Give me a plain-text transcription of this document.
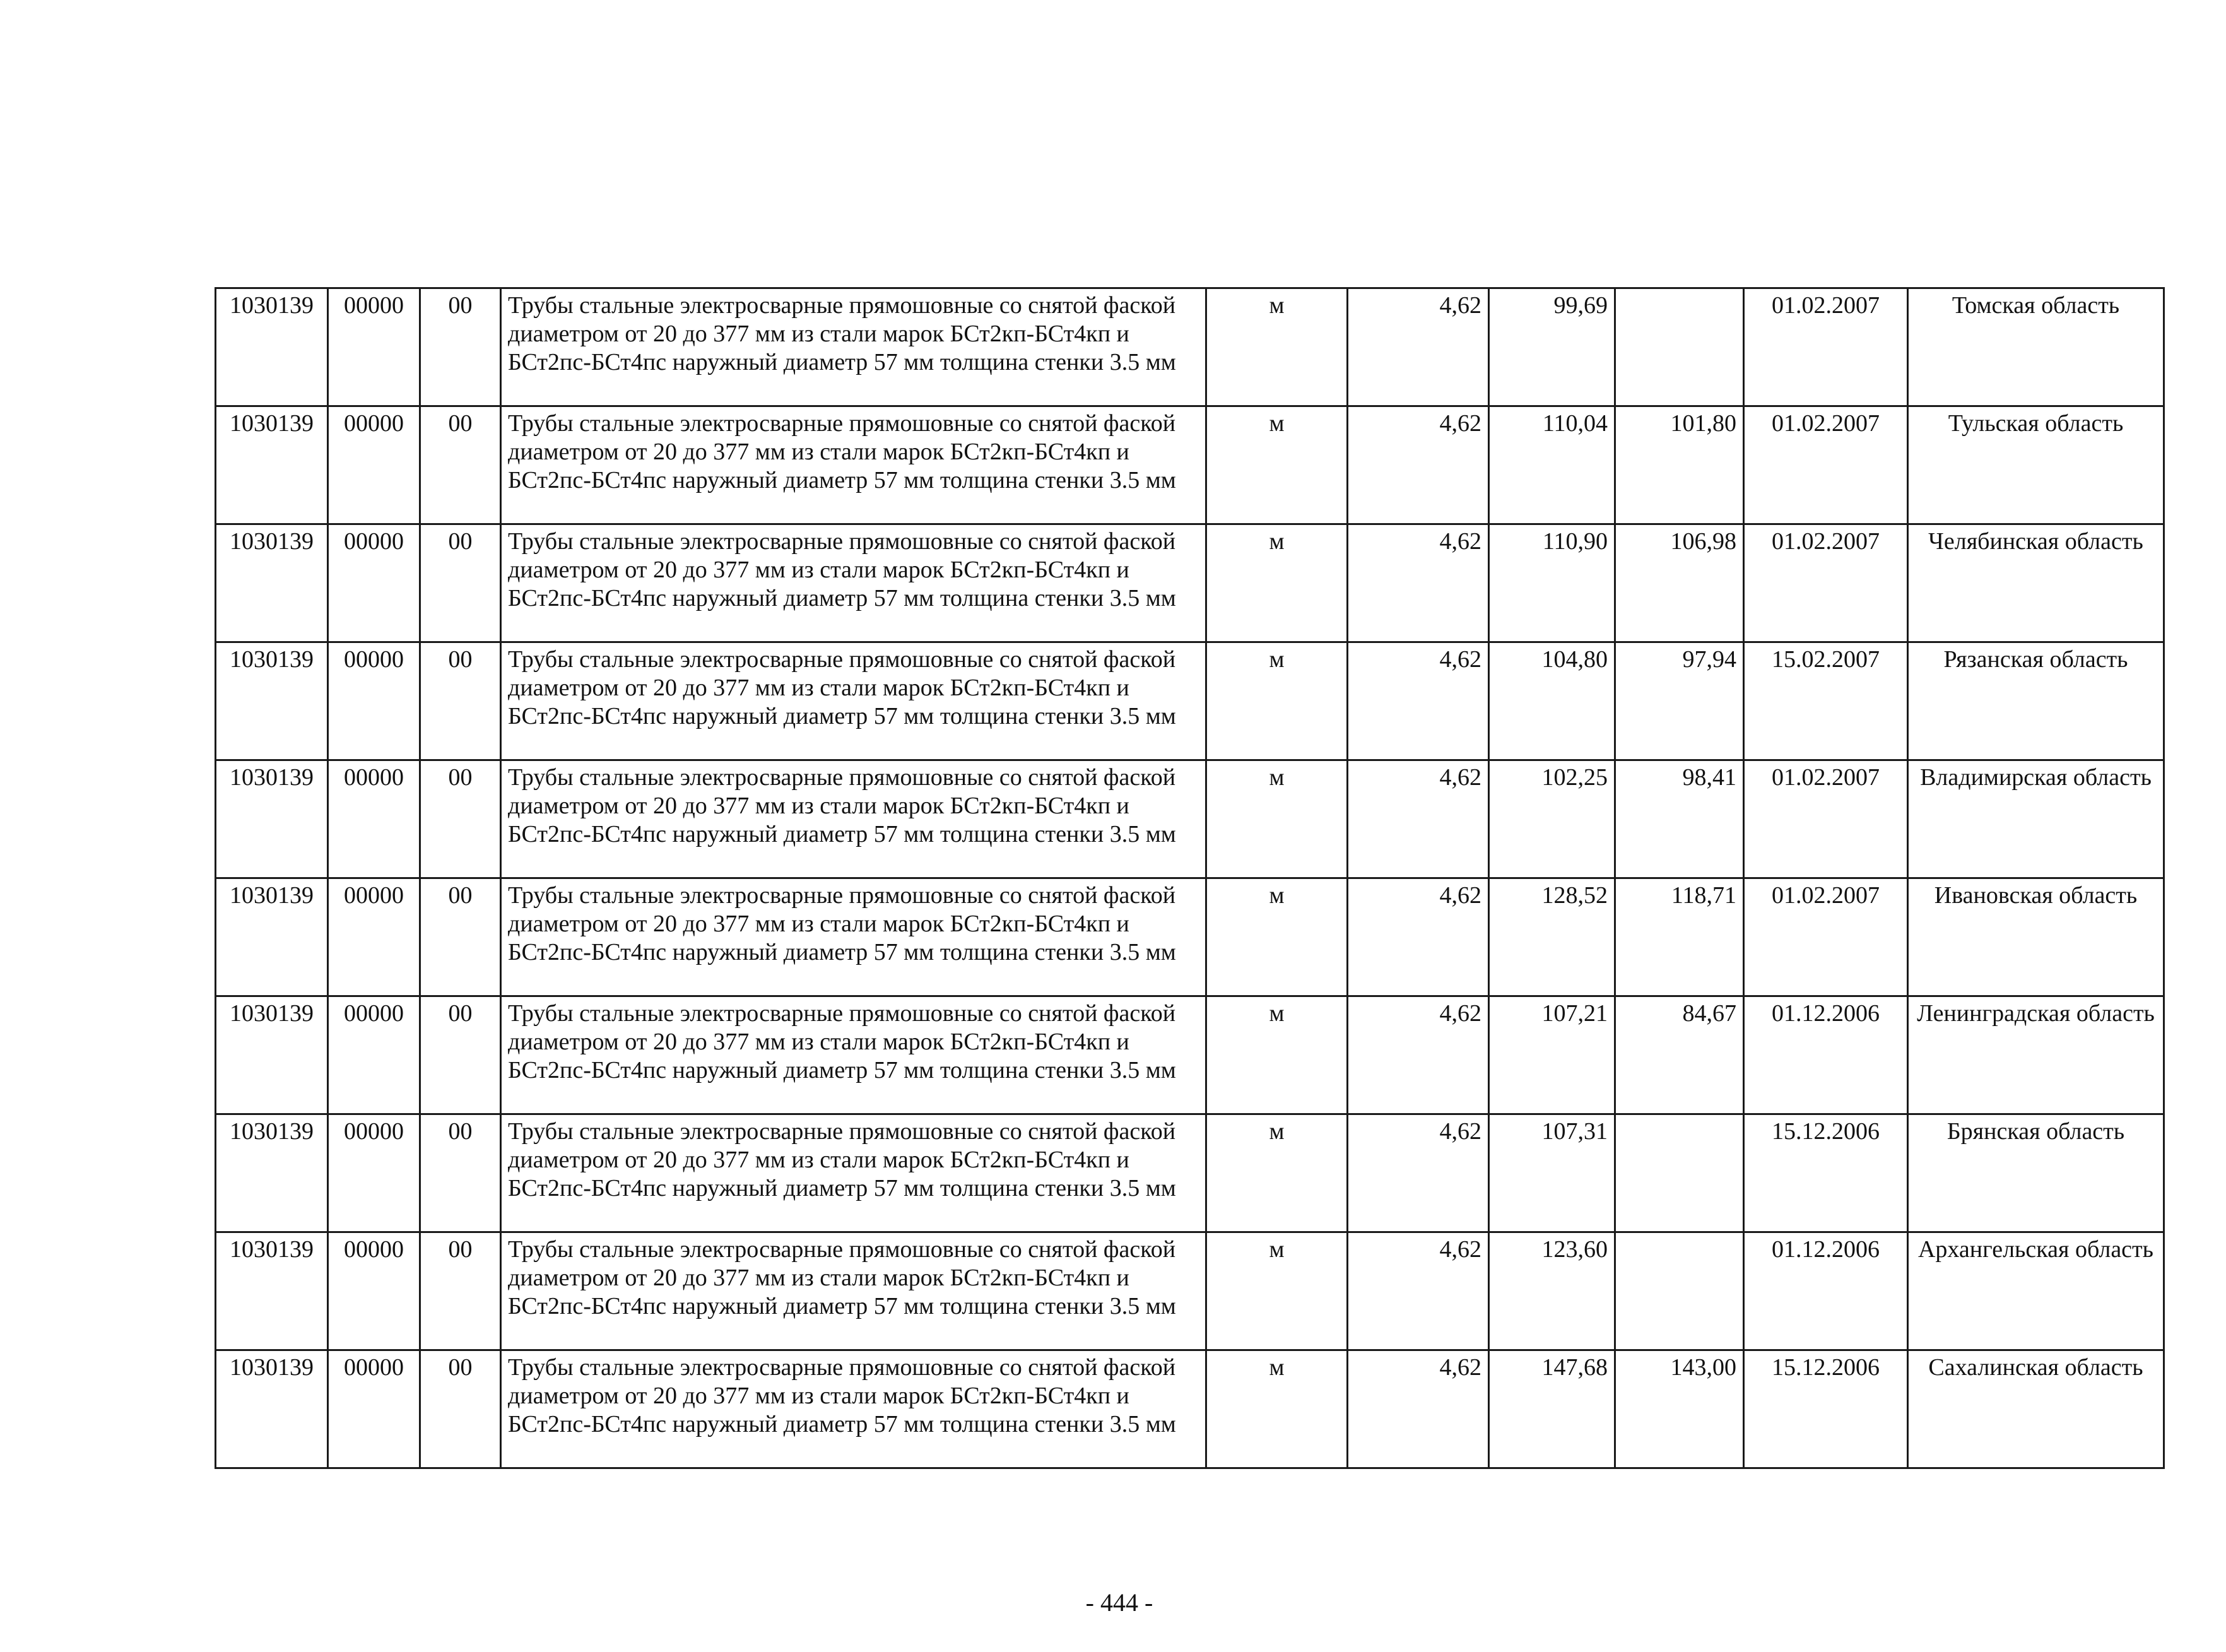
1030139	00000	00	Трубы стальные электросварные прямошовные со снятой фаской диаметром от 20 до 377 мм из стали марок БСт2кп-БСт4кп и БСт2пс-БСт4пс наружный диаметр 57 мм толщина стенки 3.5 мм	м	4,62	99,69		01.02.2007	Томская область
1030139	00000	00	Трубы стальные электросварные прямошовные со снятой фаской диаметром от 20 до 377 мм из стали марок БСт2кп-БСт4кп и БСт2пс-БСт4пс наружный диаметр 57 мм толщина стенки 3.5 мм	м	4,62	110,04	101,80	01.02.2007	Тульская область
1030139	00000	00	Трубы стальные электросварные прямошовные со снятой фаской диаметром от 20 до 377 мм из стали марок БСт2кп-БСт4кп и БСт2пс-БСт4пс наружный диаметр 57 мм толщина стенки 3.5 мм	м	4,62	110,90	106,98	01.02.2007	Челябинская область
1030139	00000	00	Трубы стальные электросварные прямошовные со снятой фаской диаметром от 20 до 377 мм из стали марок БСт2кп-БСт4кп и БСт2пс-БСт4пс наружный диаметр 57 мм толщина стенки 3.5 мм	м	4,62	104,80	97,94	15.02.2007	Рязанская область
1030139	00000	00	Трубы стальные электросварные прямошовные со снятой фаской диаметром от 20 до 377 мм из стали марок БСт2кп-БСт4кп и БСт2пс-БСт4пс наружный диаметр 57 мм толщина стенки 3.5 мм	м	4,62	102,25	98,41	01.02.2007	Владимирская область
1030139	00000	00	Трубы стальные электросварные прямошовные со снятой фаской диаметром от 20 до 377 мм из стали марок БСт2кп-БСт4кп и БСт2пс-БСт4пс наружный диаметр 57 мм толщина стенки 3.5 мм	м	4,62	128,52	118,71	01.02.2007	Ивановская область
1030139	00000	00	Трубы стальные электросварные прямошовные со снятой фаской диаметром от 20 до 377 мм из стали марок БСт2кп-БСт4кп и БСт2пс-БСт4пс наружный диаметр 57 мм толщина стенки 3.5 мм	м	4,62	107,21	84,67	01.12.2006	Ленинградская область
1030139	00000	00	Трубы стальные электросварные прямошовные со снятой фаской диаметром от 20 до 377 мм из стали марок БСт2кп-БСт4кп и БСт2пс-БСт4пс наружный диаметр 57 мм толщина стенки 3.5 мм	м	4,62	107,31		15.12.2006	Брянская область
1030139	00000	00	Трубы стальные электросварные прямошовные со снятой фаской диаметром от 20 до 377 мм из стали марок БСт2кп-БСт4кп и БСт2пс-БСт4пс наружный диаметр 57 мм толщина стенки 3.5 мм	м	4,62	123,60		01.12.2006	Архангельская область
1030139	00000	00	Трубы стальные электросварные прямошовные со снятой фаской диаметром от 20 до 377 мм из стали марок БСт2кп-БСт4кп и БСт2пс-БСт4пс наружный диаметр 57 мм толщина стенки 3.5 мм	м	4,62	147,68	143,00	15.12.2006	Сахалинская область
- 444 -
